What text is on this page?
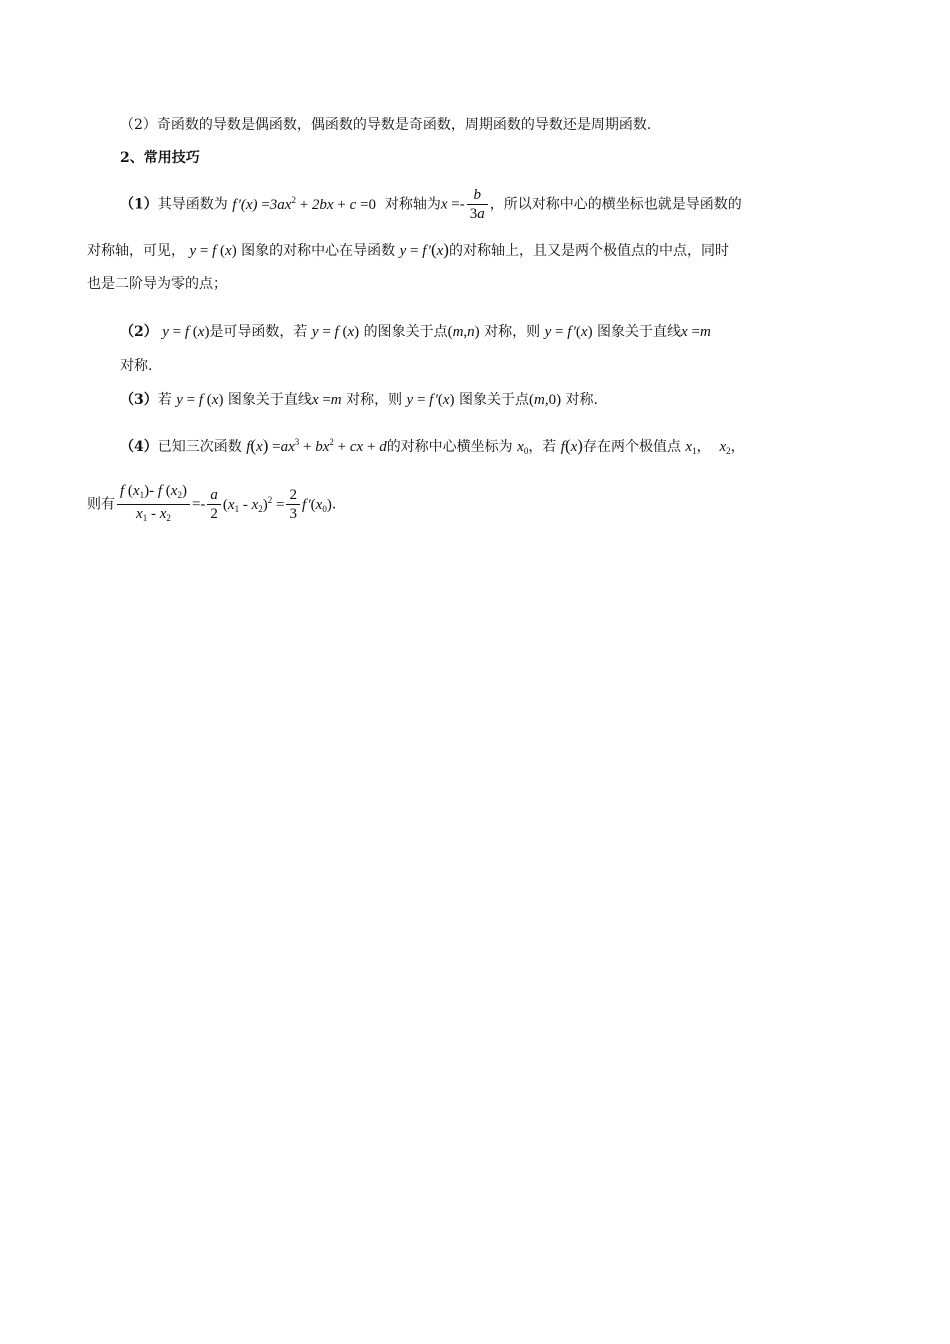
（2）奇函数的导数是偶函数，偶函数的导数是奇函数，周期函数的导数还是周期函数.
2、常用技巧
（1）其导函数为 f $'(x) =3ax^2 + 2bx + c =0$ 对称轴为$x =- \frac{b}{3a}$ ，所以对称中心的横坐标也就是导函数的
对称轴，可见， y = f (x) 图象的对称中心在导函数 y = f ′(x)的对称轴上，且又是两个极值点的中点，同时
也是二阶导为零的点；
（2） y = f (x)是可导函数，若 y = f (x) 的图象关于点(m,n) 对称，则 y = f ′(x) 图象关于直线x =m
对称.
（3）若 y = f (x) 图象关于直线x =m 对称，则 y = f ′(x) 图象关于点(m,0) 对称.
（4）已知三次函数 $f(x) =ax^3 + bx^2$ + cx + d的对称中心横坐标为 $x_0$，若 f(x)存在两个极值点 $x_1$， $x_2$，
则有 $\frac{f (x_1)- f (x_2)}{x_1 - x_2} =- \frac{a}{2} (x_1 - x_2)^2 = \frac{2}{3}$ f $'(x_0)$.
